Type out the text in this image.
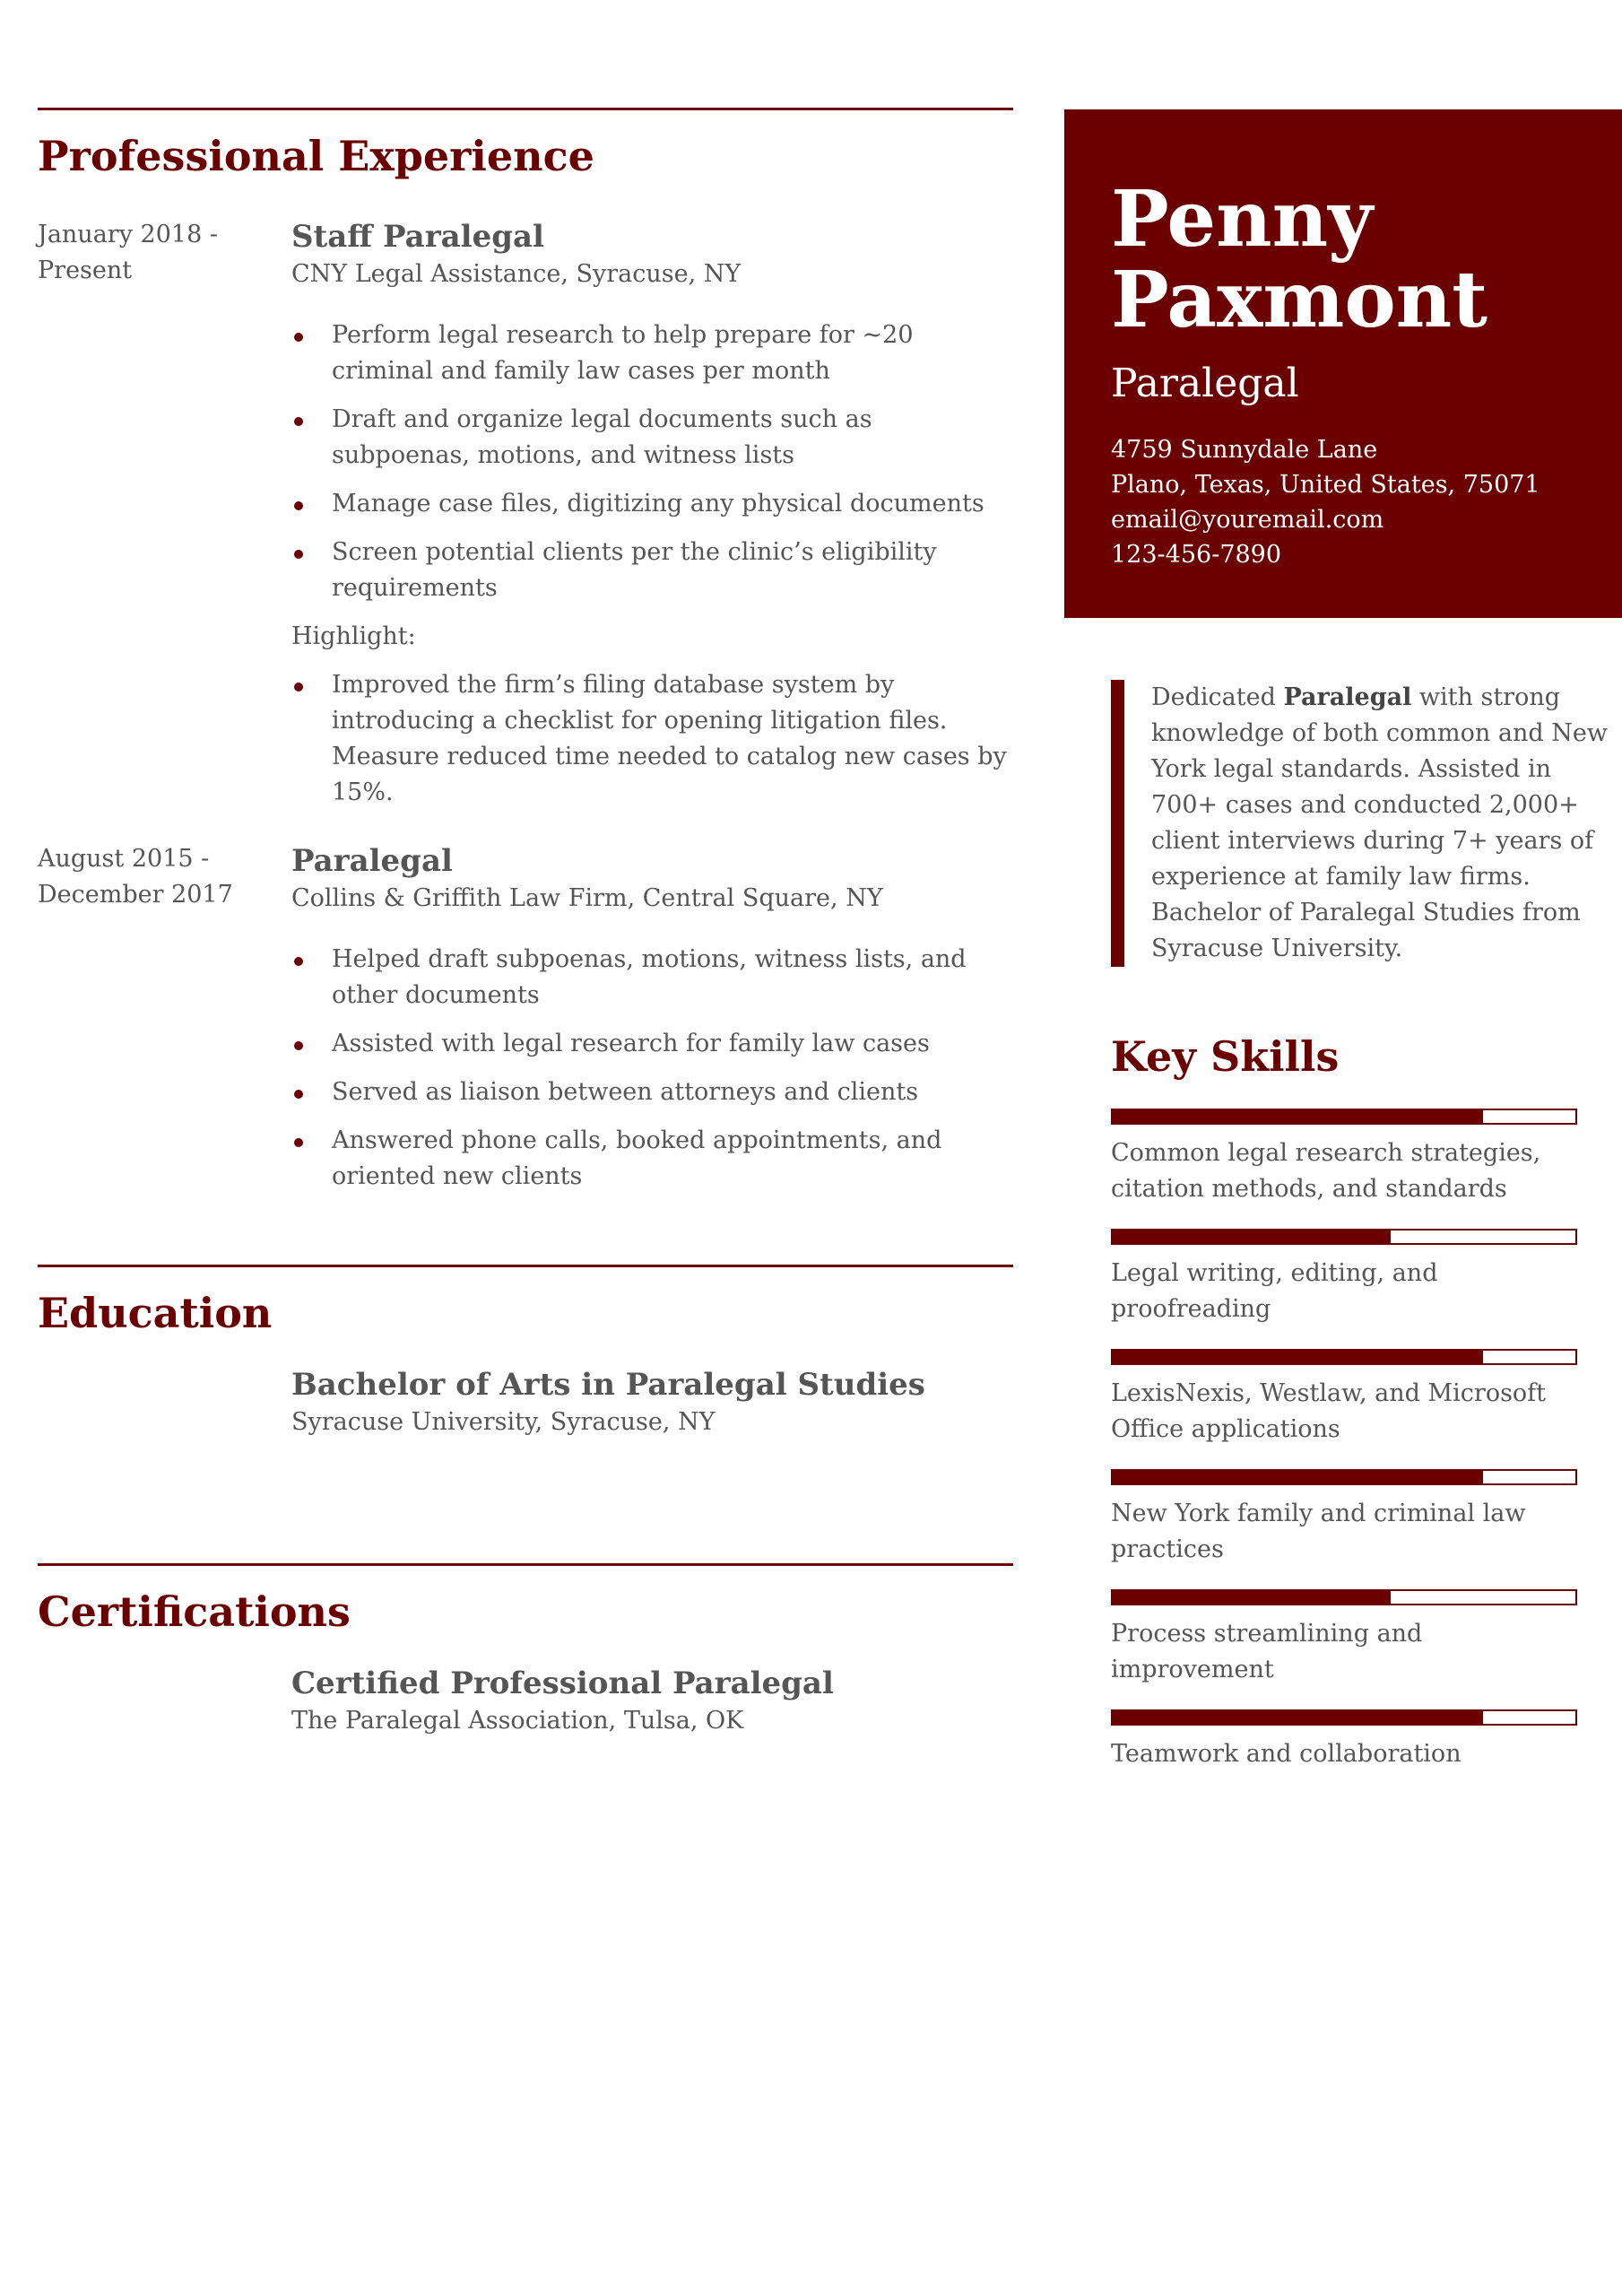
Professional Experience
January 2018 -
Present
Staff Paralegal
CNY Legal Assistance, Syracuse, NY
Perform legal research to help prepare for ~20 criminal and family law cases per month
Draft and organize legal documents such as subpoenas, motions, and witness lists
Manage case files, digitizing any physical documents
Screen potential clients per the clinic’s eligibility requirements
Highlight:
Improved the firm’s filing database system by introducing a checklist for opening litigation files. Measure reduced time needed to catalog new cases by 15%.
August 2015 -
December 2017
Paralegal
Collins & Griffith Law Firm, Central Square, NY
Helped draft subpoenas, motions, witness lists, and other documents
Assisted with legal research for family law cases
Served as liaison between attorneys and clients
Answered phone calls, booked appointments, and oriented new clients
Education
Bachelor of Arts in Paralegal Studies
Syracuse University, Syracuse, NY
Certifications
Certified Professional Paralegal
The Paralegal Association, Tulsa, OK
Penny
Paxmont
Paralegal
4759 Sunnydale Lane
Plano, Texas, United States, 75071
email@youremail.com
123-456-7890
Dedicated Paralegal with strong knowledge of both common and New York legal standards. Assisted in 700+ cases and conducted 2,000+ client interviews during 7+ years of experience at family law firms. Bachelor of Paralegal Studies from Syracuse University.
Key Skills
Common legal research strategies, citation methods, and standards
Legal writing, editing, and proofreading
LexisNexis, Westlaw, and Microsoft Office applications
New York family and criminal law practices
Process streamlining and improvement
Teamwork and collaboration
